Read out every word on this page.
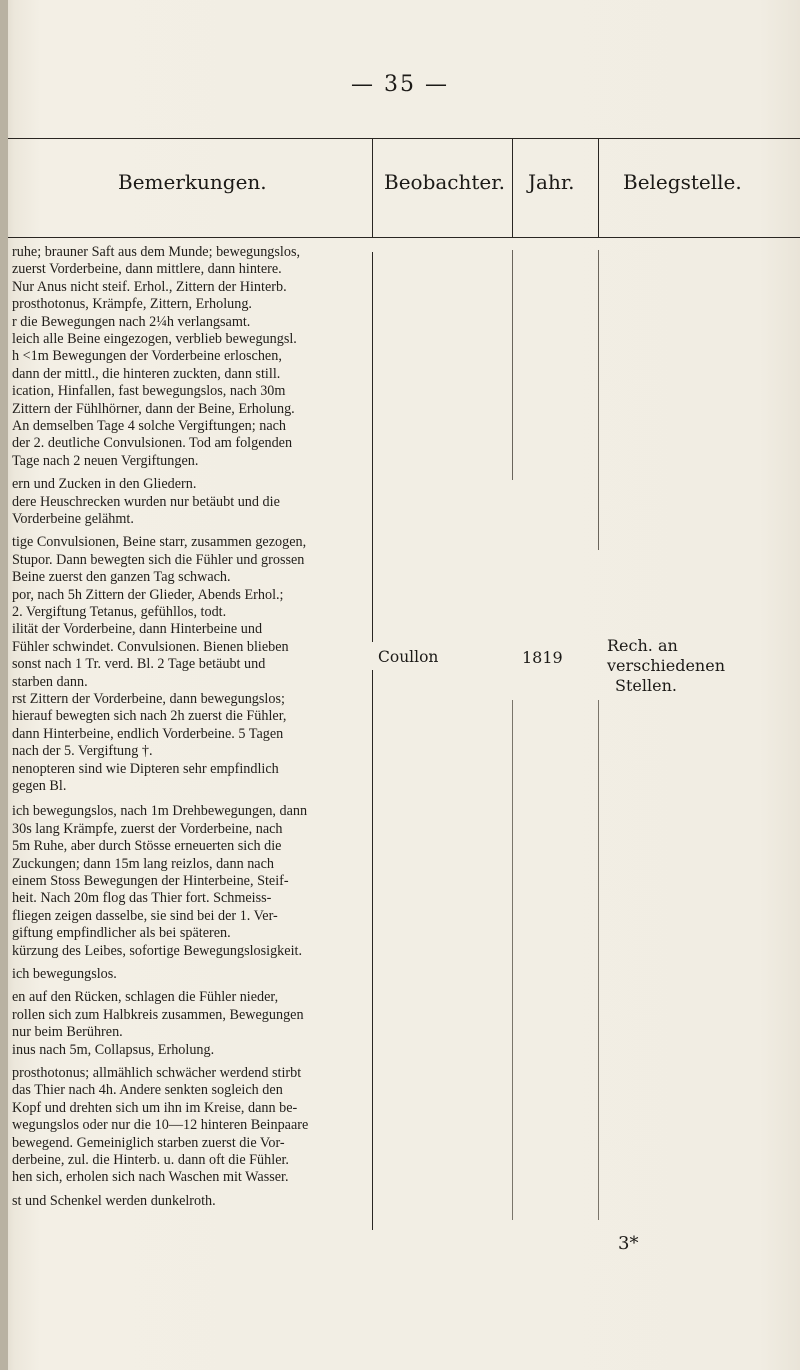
— 35 —
Bemerkungen.	Beobachter. Jahr. Belegstelle.
ruhe; brauner Saft aus dem Munde; bewegungslos,
zuerst Vorderbeine, dann mittlere, dann hintere.
Nur Anus nicht steif. Erhol., Zittern der Hinterb.
prosthotonus, Krämpfe, Zittern, Erholung.
r die Bewegungen nach 2¼h verlangsamt.
leich alle Beine eingezogen, verblieb bewegungsl.
h <1m Bewegungen der Vorderbeine erloschen,
dann der mittl., die hinteren zuckten, dann still.
ication, Hinfallen, fast bewegungslos, nach 30m
Zittern der Fühlhörner, dann der Beine, Erholung.
An demselben Tage 4 solche Vergiftungen; nach
der 2. deutliche Convulsionen. Tod am folgenden
Tage nach 2 neuen Vergiftungen.
ern und Zucken in den Gliedern.
dere Heuschrecken wurden nur betäubt und die
Vorderbeine gelähmt.
tige Convulsionen, Beine starr, zusammen gezogen,
Stupor. Dann bewegten sich die Fühler und grossen
Beine zuerst den ganzen Tag schwach.
por, nach 5h Zittern der Glieder, Abends Erhol.;
2. Vergiftung Tetanus, gefühllos, todt.
ilität der Vorderbeine, dann Hinterbeine und
Fühler schwindet. Convulsionen. Bienen blieben
sonst nach 1 Tr. verd. Bl. 2 Tage betäubt und
starben dann.
rst Zittern der Vorderbeine, dann bewegungslos;
hierauf bewegten sich nach 2h zuerst die Fühler,
dann Hinterbeine, endlich Vorderbeine. 5 Tagen
nach der 5. Vergiftung †.
nenopteren sind wie Dipteren sehr empfindlich
gegen Bl.
ich bewegungslos, nach 1m Drehbewegungen, dann
30s lang Krämpfe, zuerst der Vorderbeine, nach
5m Ruhe, aber durch Stösse erneuerten sich die
Zuckungen; dann 15m lang reizlos, dann nach
einem Stoss Bewegungen der Hinterbeine, Steif-
heit. Nach 20m flog das Thier fort. Schmeiss-
fliegen zeigen dasselbe, sie sind bei der 1. Ver-
giftung empfindlicher als bei späteren.
kürzung des Leibes, sofortige Bewegungslosigkeit.
ich bewegungslos.
en auf den Rücken, schlagen die Fühler nieder,
rollen sich zum Halbkreis zusammen, Bewegungen
nur beim Berühren.
inus nach 5m, Collapsus, Erholung.
prosthotonus; allmählich schwächer werdend stirbt
das Thier nach 4h. Andere senkten sogleich den
Kopf und drehten sich um ihn im Kreise, dann be-
wegungslos oder nur die 10—12 hinteren Beinpaare
bewegend. Gemeiniglich starben zuerst die Vor-
derbeine, zul. die Hinterb. u. dann oft die Fühler.
hen sich, erholen sich nach Waschen mit Wasser.
st und Schenkel werden dunkelroth.
Coullon	1819
Rech. an verschiedenen
Stellen.
3*
